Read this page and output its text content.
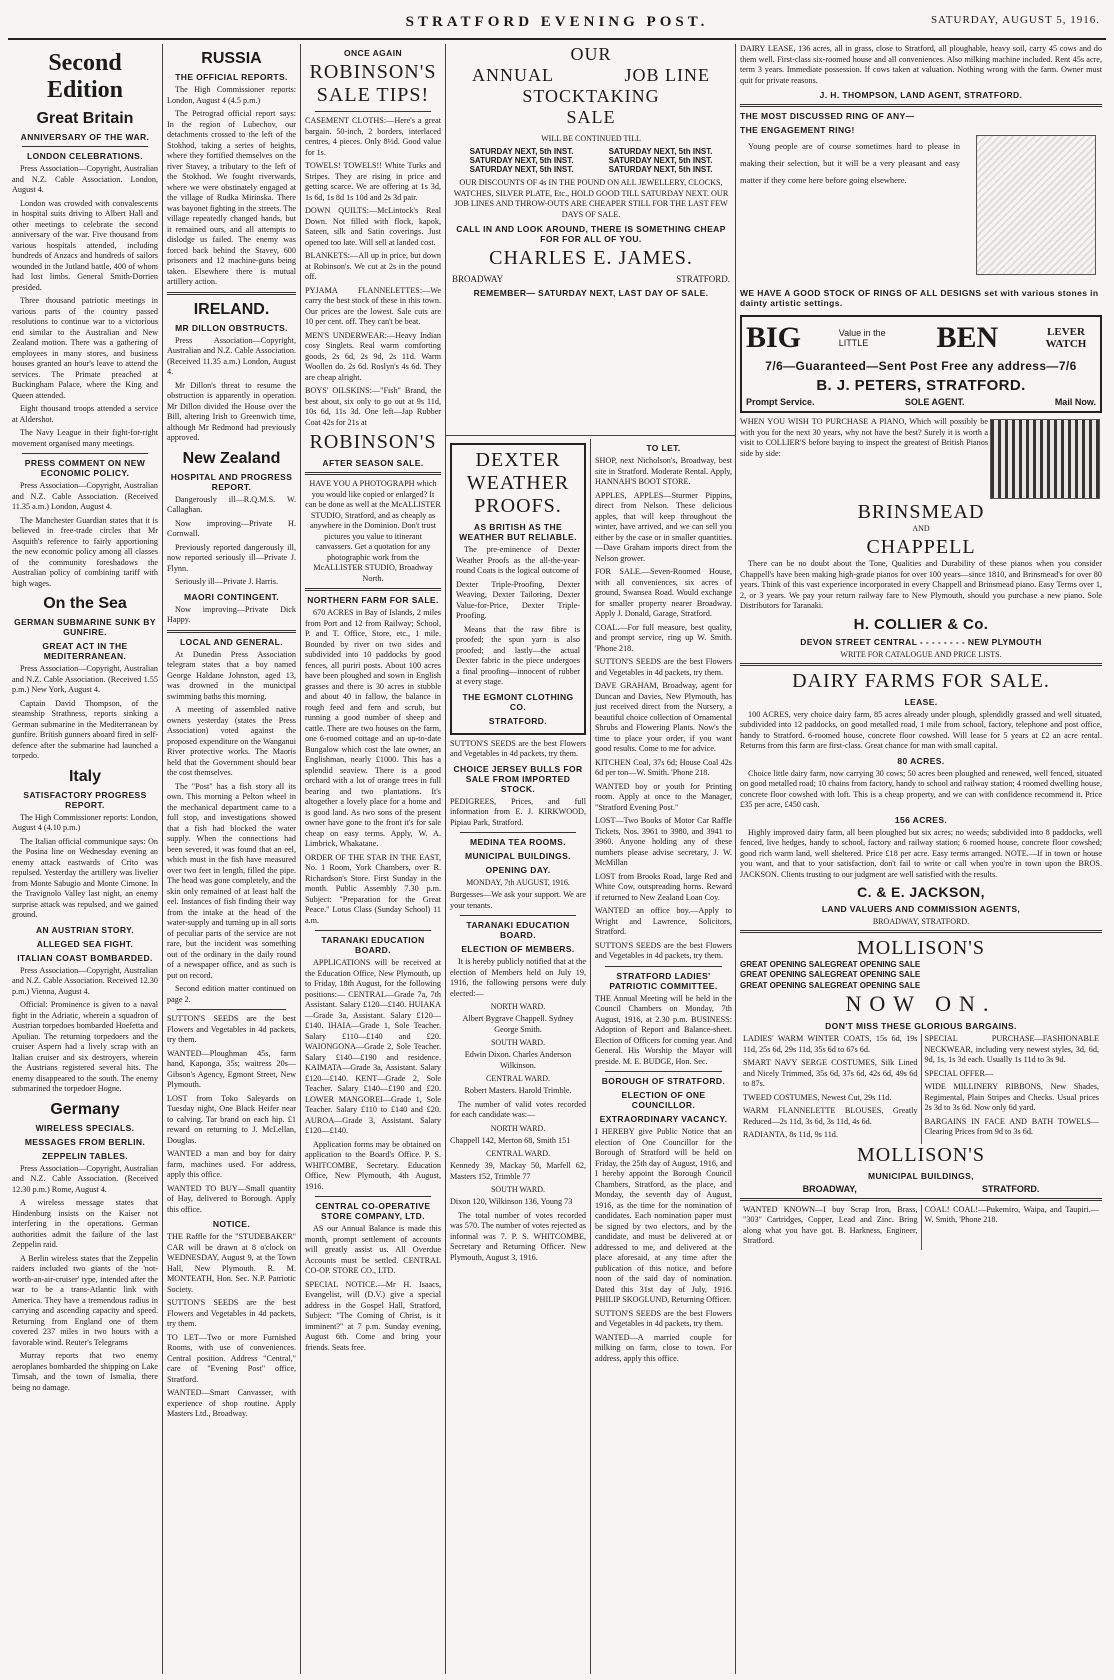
STRATFORD EVENING POST.	SATURDAY, AUGUST 5, 1916.
Second Edition
Great Britain
ANNIVERSARY OF THE WAR.
LONDON CELEBRATIONS.

Press Association—Copyright, Australian and N.Z. Cable Association. London, August 4.

London was crowded with convalescents in hospital suits driving to Albert Hall and other meetings to celebrate the second anniversary of the war. Five thousand from various hospitals attended, including hundreds of Anzacs and hundreds of sailors wounded in the Jutland battle, 400 of whom had lost limbs. General Smith-Dorrien presided.

Three thousand patriotic meetings in various parts of the country passed resolutions to continue war to a victorious end similar to the Australian and New Zealand motion. There was a gathering of employees in many stores, and business houses granted an hour's leave to attend the services. The Primate preached at Buckingham Palace, where the King and Queen attended.

Eight thousand troops attended a service at Aldershot.

The Navy League in their fight-for-right movement organised many meetings.

PRESS COMMENT ON NEW ECONOMIC POLICY.

Press Association—Copyright, Australian and N.Z. Cable Association. (Received 11.35 a.m.) London, August 4.

The Manchester Guardian states that it is believed in free-trade circles that Mr Asquith's reference to fairly apportioning the new economic policy among all classes of the community foreshadows the Australian policy of combining tariff with high wages.

On the Sea
GERMAN SUBMARINE SUNK BY GUNFIRE.
GREAT ACT IN THE MEDITERRANEAN.

Press Association—Copyright, Australian and N.Z. Cable Association. (Received 1.55 p.m.) New York, August 4.

Captain David Thompson, of the steamship Strathness, reports sinking a German submarine in the Mediterranean by gunfire. British gunners aboard fired in self-defence after the submarine had launched a torpedo.

Italy
SATISFACTORY PROGRESS REPORT.

The High Commissioner reports: London, August 4 (4.10 p.m.)

The Italian official communique says: On the Posina line on Wednesday evening an enemy attack eastwards of Crito was repulsed. Yesterday the artillery was livelier from Monte Sabugio and Monte Cimone. In the Travignolo Valley last night, an enemy surprise attack was repulsed, and we gained ground.

AN AUSTRIAN STORY.
ALLEGED SEA FIGHT.
ITALIAN COAST BOMBARDED.

Press Association—Copyright, Australian and N.Z. Cable Association. Received 12.30 p.m.) Vienna, August 4.

Official: Prominence is given to a naval fight in the Adriatic, wherein a squadron of Austrian torpedoes bombarded Hoefetta and Apulian. The returning torpedoers and the cruiser Aspern had a lively scrap with an Italian cruiser and six destroyers, wherein the Austrians registered several hits. The enemy disappeared to the south. The enemy submarined the torpedoer Hogne.

Germany
WIRELESS SPECIALS.
MESSAGES FROM BERLIN.
ZEPPELIN TABLES.

Press Association—Copyright, Australian and N.Z. Cable Association. (Received 12.30 p.m.) Rome, August 4.

A wireless message states that Hindenburg insists on the Kaiser not interfering in the operations. German authorities admit the failure of the last Zeppelin raid.

A Berlin wireless states that the Zeppelin raiders included two giants of the 'not-worth-an-air-cruiser' type, intended after the war to be a trans-Atlantic link with America. They have a tremendous radius in carrying and ascending capacity and speed. Returning from England one of them covered 237 miles in two hours with a favorable wind. Reuter's Telegrams

Murray reports that two enemy aeroplanes bombarded the shipping on Lake Timsah, and the town of Ismalia, there being no damage.

RUSSIA
THE OFFICIAL REPORTS.

The High Commissioner reports: London, August 4 (4.5 p.m.)

The Petrograd official report says: In the region of Lubechov, our detachments crossed to the left of the Stokhod, taking a series of heights, where they fortified themselves on the river Stavey, a tributary to the left of the Stokhod. We fought riverwards, where we were obstinately engaged at the village of Rudka Mirinska. There was bayonet fighting in the streets. The village repeatedly changed hands, but it remained ours, and all attempts to dislodge us failed. The enemy was forced back behind the Stavey, 600 prisoners and 12 machine-guns being taken. Elsewhere there is mutual artillery action.

IRELAND.
MR DILLON OBSTRUCTS.

Press Association—Copyright, Australian and N.Z. Cable Association. (Received 11.35 a.m.) London, August 4.

Mr Dillon's threat to resume the obstruction is apparently in operation. Mr Dillon divided the House over the Bill, altering Irish to Greenwich time, although Mr Redmond had previously approved.

New Zealand
HOSPITAL AND PROGRESS REPORT.

Dangerously ill—R.Q.M.S. W. Callaghan.

Now improving—Private H. Cornwall.

Previously reported dangerously ill, now reported seriously ill—Private J. Flynn.

Seriously ill—Private J. Harris.

MAORI CONTINGENT.

Now improving—Private Dick Happy.

LOCAL AND GENERAL.

At Dunedin Press Association telegram states that a boy named George Haldane Johnston, aged 13, was drowned in the municipal swimming baths this morning.

A meeting of assembled native owners yesterday (states the Press Association) voted against the proposed expenditure on the Wanganui River protective works. The Maoris held that the Government should bear the cost themselves.

The "Post" has a fish story all its own. This morning a Pelton wheel in the mechanical department came to a full stop, and investigations showed that a fish had blocked the water supply. When the connections had been severed, it was found that an eel, which must in the fish have measured over two feet in length, filled the pipe. The head was gone completely, and the skin only remained of at least half the eel. Instances of fish finding their way from the intake at the head of the water-supply and turning up in all sorts of peculiar parts of the service are not rare, but the incident was something out of the ordinary in the daily round of a newspaper office, and as such is put on record.

Second edition matter continued on page 2.

SUTTON'S SEEDS are the best Flowers and Vegetables in 4d packets, try them.

WANTED—Ploughman 45s, farm hand, Kaponga, 35s; waitress 20s—Gibson's Agency, Egmont Street, New Plymouth.

LOST from Toko Saleyards on Tuesday night, One Black Heifer near to calving. Tar brand on each hip. £1 reward on returning to J. McLellan, Douglas.

WANTED a man and boy for dairy farm, machines used. For address, apply this office.

WANTED TO BUY—Small quantity of Hay, delivered to Borough. Apply this office.

NOTICE.

THE Raffle for the "STUDEBAKER" CAR will be drawn at 8 o'clock on WEDNESDAY, August 9, at the Town Hall, New Plymouth. R. M. MONTEATH, Hon. Sec. N.P. Patriotic Society.

SUTTON'S SEEDS are the best Flowers and Vegetables in 4d packets, try them.

TO LET—Two or more Furnished Rooms, with use of conveniences. Central position. Address "Central," care of "Evening Post" office, Stratford.

WANTED—Smart Canvasser, with experience of shop routine. Apply Masters Ltd., Broadway.

ONCE AGAIN
ROBINSON'S
SALE TIPS!

CASEMENT CLOTHS:—Here's a great bargain. 50-inch, 2 borders, interlaced centres, 4 pieces. Only 8½d. Good value for 1s.

TOWELS! TOWELS!! White Turks and Stripes. They are rising in price and getting scarce. We are offering at 1s 3d, 1s 6d, 1s 8d 1s 10d and 2s 3d pair.

DOWN QUILTS:—McLintock's Real Down. Not filled with flock, kapok, Sateen, silk and Satin coverings. Just opened too late. Will sell at landed cost.

BLANKETS:—All up in price, but down at Robinson's. We cut at 2s in the pound off.

PYJAMA FLANNELETTES:—We carry the best stock of these in this town. Our prices are the lowest. Sale cuts are 10 per cent. off. They can't be beat.

MEN'S UNDERWEAR:—Heavy Indian cosy Singlets. Real warm comforting goods, 2s 6d, 2s 9d, 2s 11d. Warm Woollen do. 2s 6d. Roslyn's 4s 6d. They are cheap alright.

BOYS' OILSKINS:—"Fish" Brand, the best about, six only to go out at 9s 11d, 10s 6d, 11s 3d. One left—Jap Rubber Coat 42s for 21s at

ROBINSON'S
AFTER SEASON SALE.

HAVE YOU A PHOTOGRAPH which you would like copied or enlarged? It can be done as well at the McALLISTER STUDIO, Stratford, and as cheaply as anywhere in the Dominion. Don't trust pictures you value to itinerant canvassers. Get a quotation for any photographic work from the McALLISTER STUDIO, Broadway North.

NORTHERN FARM FOR SALE.

670 ACRES in Bay of Islands, 2 miles from Port and 12 from Railway; School, P. and T. Office, Store, etc., 1 mile. Bounded by river on two sides and subdivided into 10 paddocks by good fences, all puriri posts. About 100 acres have been ploughed and sown in English grasses and there is 30 acres in stubble and about 40 in fallow, the balance in rough feed and fern and scrub, but running a good number of sheep and cattle. There are two houses on the farm, one 6-roomed cottage and an up-to-date Bungalow which cost the late owner, an Englishman, nearly £1000. This has a splendid seaview. There is a good orchard with a lot of orange trees in full bearing and two plantations. It's altogether a lovely place for a home and is good land. As two sons of the present owner have gone to the front it's for sale cheap on easy terms. Apply, W. A. Limbrick, Whakatane.

ORDER OF THE STAR IN THE EAST, No. 1 Room, York Chambers, over R. Richardson's Store. First Sunday in the month. Public Assembly 7.30 p.m. Subject: "Preparation for the Great Peace." Lotus Class (Sunday School) 11 a.m.

TARANAKI EDUCATION BOARD.

APPLICATIONS will be received at the Education Office, New Plymouth, up to Friday, 18th August, for the following positions:— CENTRAL—Grade 7a, 7th Assistant. Salary £120—£140. HUIAKA—Grade 3a, Assistant. Salary £120—£140. IHAIA—Grade 1, Sole Teacher. Salary £110—£140 and £20. WAIONGONA—Grade 2, Sole Teacher. Salary £140—£190 and residence. KAIMATA—Grade 3a, Assistant. Salary £120—£140. KENT—Grade 2, Sole Teacher. Salary £140—£190 and £20. LOWER MANGOREI—Grade 1, Sole Teacher. Salary £110 to £140 and £20. AUROA—Grade 3, Assistant. Salary £120—£140.

Application forms may be obtained on application to the Board's Office. P. S. WHITCOMBE, Secretary. Education Office, New Plymouth, 4th August, 1916.

CENTRAL CO-OPERATIVE STORE COMPANY, LTD.

AS our Annual Balance is made this month, prompt settlement of accounts will greatly assist us. All Overdue Accounts must be settled. CENTRAL CO-OP. STORE CO., LTD.

SPECIAL NOTICE.—Mr H. Isaacs, Evangelist, will (D.V.) give a special address in the Gospel Hall, Stratford, Subject: "The Coming of Christ, is it imminent?" at 7 p.m. Sunday evening, August 6th. Come and bring your friends. Seats free.

OUR
ANNUAL	JOB LINE
STOCKTAKING
SALE
WILL BE CONTINUED TILL
SATURDAY NEXT, 5th INST.
SATURDAY NEXT, 5th INST.
SATURDAY NEXT, 5th INST.
SATURDAY NEXT, 5th INST.
SATURDAY NEXT, 5th INST.
SATURDAY NEXT, 5th INST.

OUR DISCOUNTS OF 4s IN THE POUND ON ALL JEWELLERY, CLOCKS, WATCHES, SILVER PLATE, Etc., HOLD GOOD TILL SATURDAY NEXT. OUR JOB LINES AND THROW-OUTS ARE CHEAPER STILL FOR THE LAST FEW DAYS OF SALE.

CALL IN AND LOOK AROUND, THERE IS SOMETHING CHEAP FOR FOR ALL OF YOU.
CHARLES E. JAMES.
BROADWAY	STRATFORD.
REMEMBER— SATURDAY NEXT, LAST DAY OF SALE.
DEXTER WEATHER PROOFS.
AS BRITISH AS THE WEATHER BUT RELIABLE.

The pre-eminence of Dexter Weather Proofs as the all-the-year-round Coats is the logical outcome of

Dexter Triple-Proofing, Dexter Weaving, Dexter Tailoring, Dexter Value-for-Price, Dexter Triple-Proofing.

Means that the raw fibre is proofed; the spun yarn is also proofed; and lastly—the actual Dexter fabric in the piece undergoes a final proofing—innocent of rubber at every stage.

THE EGMONT CLOTHING CO.
STRATFORD.

SUTTON'S SEEDS are the best Flowers and Vegetables in 4d packets, try them.

CHOICE JERSEY BULLS FOR SALE FROM IMPORTED STOCK.

PEDIGREES, Prices, and full information from E. J. KIRKWOOD, Pipiau Park, Stratford.

MEDINA TEA ROOMS.
MUNICIPAL BUILDINGS.
OPENING DAY.
MONDAY, 7th AUGUST, 1916.

Burgesses—We ask your support. We are your tenants.

TARANAKI EDUCATION BOARD.
ELECTION OF MEMBERS.

It is hereby publicly notified that at the election of Members held on July 19, 1916, the following persons were duly elected:—

NORTH WARD.

Albert Bygrave Chappell. Sydney George Smith.

SOUTH WARD.

Edwin Dixon. Charles Anderson Wilkinson.

CENTRAL WARD.

Robert Masters. Harold Trimble.

The number of valid votes recorded for each candidate was:—

NORTH WARD.

Chappell 142, Merton 68, Smith 151

CENTRAL WARD.

Kennedy 39, Mackay 50, Marfell 62, Masters 152, Trimble 77

SOUTH WARD.

Dixon 120, Wilkinson 136, Young 73

The total number of votes recorded was 570. The number of votes rejected as informal was 7. P. S. WHITCOMBE, Secretary and Returning Officer. New Plymouth, August 3, 1916.

TO LET.

SHOP, next Nicholson's, Broadway, best site in Stratford. Moderate Rental. Apply, HANNAH'S BOOT STORE.

APPLES, APPLES—Sturmer Pippins, direct from Nelson. These delicious apples, that will keep throughout the winter, have arrived, and we can sell you either by the case or in smaller quantities.—Dave Graham imports direct from the Nelson grower.

FOR SALE.—Seven-Roomed House, with all conveniences, six acres of ground, Swansea Road. Would exchange for smaller property nearer Broadway. Apply J. Donald, Garage, Stratford.

COAL.—For full measure, best quality, and prompt service, ring up W. Smith. 'Phone 218.

SUTTON'S SEEDS are the best Flowers and Vegetables in 4d packets, try them.

DAVE GRAHAM, Broadway, agent for Duncan and Davies, New Plymouth, has just received direct from the Nursery, a beautiful choice collection of Ornamental Shrubs and Flowering Plants. Now's the time to place your order, if you want good results. Come to me for advice.

KITCHEN Coal, 37s 6d; House Coal 42s 6d per ton—W. Smith. 'Phone 218.

WANTED boy or youth for Printing room. Apply at once to the Manager, "Stratford Evening Post."

LOST—Two Books of Motor Car Raffle Tickets, Nos. 3961 to 3980, and 3941 to 3960. Anyone holding any of these numbers please advise secretary, J. W. McMillan

LOST from Brooks Road, large Red and White Cow, outspreading horns. Reward if returned to New Zealand Loan Coy.

WANTED an office boy.—Apply to Wright and Lawrence, Solicitors, Stratford.

SUTTON'S SEEDS are the best Flowers and Vegetables in 4d packets, try them.

STRATFORD LADIES' PATRIOTIC COMMITTEE.

THE Annual Meeting will be held in the Council Chambers on Monday, 7th August, 1916, at 2.30 p.m. BUSINESS: Adoption of Report and Balance-sheet. Election of Officers for coming year. And General. His Worship the Mayor will preside. M. E. BUDGE, Hon. Sec.

BOROUGH OF STRATFORD.
ELECTION OF ONE COUNCILLOR.
EXTRAORDINARY VACANCY.

I HEREBY give Public Notice that an election of One Councillor for the Borough of Stratford will be held on Friday, the 25th day of August, 1916, and I hereby appoint the Borough Council Chambers, Stratford, as the place, and Monday, the seventh day of August, 1916, as the time for the nomination of candidates. Each nomination paper must be signed by two electors, and by the candidate, and must be delivered at or addressed to me, and delivered at the place aforesaid, at any time after the publication of this notice, and before noon of the said day of nomination. Dated this 31st day of July, 1916. PHILIP SKOGLUND, Returning Officer.

SUTTON'S SEEDS are the best Flowers and Vegetables in 4d packets, try them.

WANTED—A married couple for milking on farm, close to town. For address, apply this office.

DAIRY LEASE, 136 acres, all in grass, close to Stratford, all ploughable, heavy soil, carry 45 cows and do them well. First-class six-roomed house and all conveniences. Also milking machine included. Rent 45s acre, term 3 years. Immediate possession. If cows taken at valuation. Nothing wrong with the farm. Owner must quit for private reasons.

J. H. THOMPSON, LAND AGENT, STRATFORD.
THE MOST DISCUSSED RING OF ANY—
THE ENGAGEMENT RING!

Young people are of course sometimes hard to please in making their selection, but it will be a very pleasant and easy matter if they come here before going elsewhere.

WE HAVE A GOOD STOCK OF RINGS OF ALL DESIGNS set with various stones in dainty artistic settings.
BIG	Value in the LITTLE	BEN	LEVER WATCH
7/6—Guaranteed—Sent Post Free any address—7/6
B. J. PETERS, STRATFORD.
Prompt Service.	SOLE AGENT.	Mail Now.

WHEN YOU WISH TO PURCHASE A PIANO, Which will possibly be with you for the next 30 years, why not have the best? Surely it is worth a visit to COLLIER'S before buying to inspect the greatest of British Pianos side by side:

BRINSMEAD
AND
CHAPPELL

There can be no doubt about the Tone, Qualities and Durability of these pianos when you consider Chappell's have been making high-grade pianos for over 100 years—since 1810, and Brinsmead's for over 80 years. Think of this vast experience incorporated in every Chappell and Brinsmead piano. Easy Terms over 1, 2, or 3 years. We pay your return railway fare to New Plymouth, should you purchase a new piano. Sole Distributors for Taranaki.

H. COLLIER & Co.
DEVON STREET CENTRAL - - - - - - - - NEW PLYMOUTH
WRITE FOR CATALOGUE AND PRICE LISTS.
DAIRY FARMS FOR SALE.
LEASE.

100 ACRES, very choice dairy farm, 85 acres already under plough, splendidly grassed and well situated, subdivided into 12 paddocks, on good metalled road, 1 mile from school, factory, telephone and post office, handy to Stratford. 6-roomed house, concrete floor cowshed. Will lease for 5 years at £2 an acre rental. Returns from this farm are first-class. Great chance for man with small capital.

80 ACRES.

Choice little dairy farm, now carrying 30 cows; 50 acres been ploughed and renewed, well fenced, situated on good metalled road; 10 chains from factory, handy to school and railway station; 4 roomed dwelling house, concrete floor cowshed with loft. This is a cheap property, and we can with confidence recommend it. Price £35 per acre, £450 cash.

156 ACRES.

Highly improved dairy farm, all been ploughed but six acres; no weeds; subdivided into 8 paddocks, well fenced, live hedges, handy to school, factory and railway station; 6 roomed house, concrete floor cowshed; good rich warm land, well sheltered. Price £18 per acre. Easy terms arranged. NOTE.—If in town or house you want, and that to your satisfaction, don't fail to write or call when you're in town upon the BROS. JACKSON. Clients trusting to our judgment are well satisfied with the results.

C. & E. JACKSON,
LAND VALUERS AND COMMISSION AGENTS,
BROADWAY, STRATFORD.
MOLLISON'S
GREAT OPENING SALE
GREAT OPENING SALE
GREAT OPENING SALE
GREAT OPENING SALE
GREAT OPENING SALE
GREAT OPENING SALE
NOW ON.
DON'T MISS THESE GLORIOUS BARGAINS.

LADIES' WARM WINTER COATS, 15s 6d, 19s 11d, 25s 6d, 29s 11d, 35s 6d to 67s 6d.

SMART NAVY SERGE COSTUMES, Silk Lined and Nicely Trimmed, 35s 6d, 37s 6d, 42s 6d, 49s 6d to 87s.

TWEED COSTUMES, Newest Cut, 29s 11d.

WARM FLANNELETTE BLOUSES, Greatly Reduced—2s 11d, 3s 6d, 3s 11d, 4s 6d.

RADIANTA, 8s 11d, 9s 11d.

SPECIAL PURCHASE—FASHIONABLE NECKWEAR, including very newest styles, 3d, 6d, 9d, 1s, 1s 3d each. Usually 1s 11d to 3s 9d.

SPECIAL OFFER—

WIDE MILLINERY RIBBONS, New Shades, Regimental, Plain Stripes and Checks. Usual prices 2s 3d to 3s 6d. Now only 6d yard.

BARGAINS IN FACE AND BATH TOWELS—Clearing Prices from 9d to 3s 6d.

MOLLISON'S
MUNICIPAL BUILDINGS,
BROADWAY,	STRATFORD.

WANTED KNOWN—I buy Scrap Iron, Brass, "303" Cartridges, Copper, Lead and Zinc. Bring along what you have got. B. Harkness, Engineer, Stratford.

COAL! COAL!—Pukemiro, Waipa, and Taupiri.—W. Smith, 'Phone 218.
